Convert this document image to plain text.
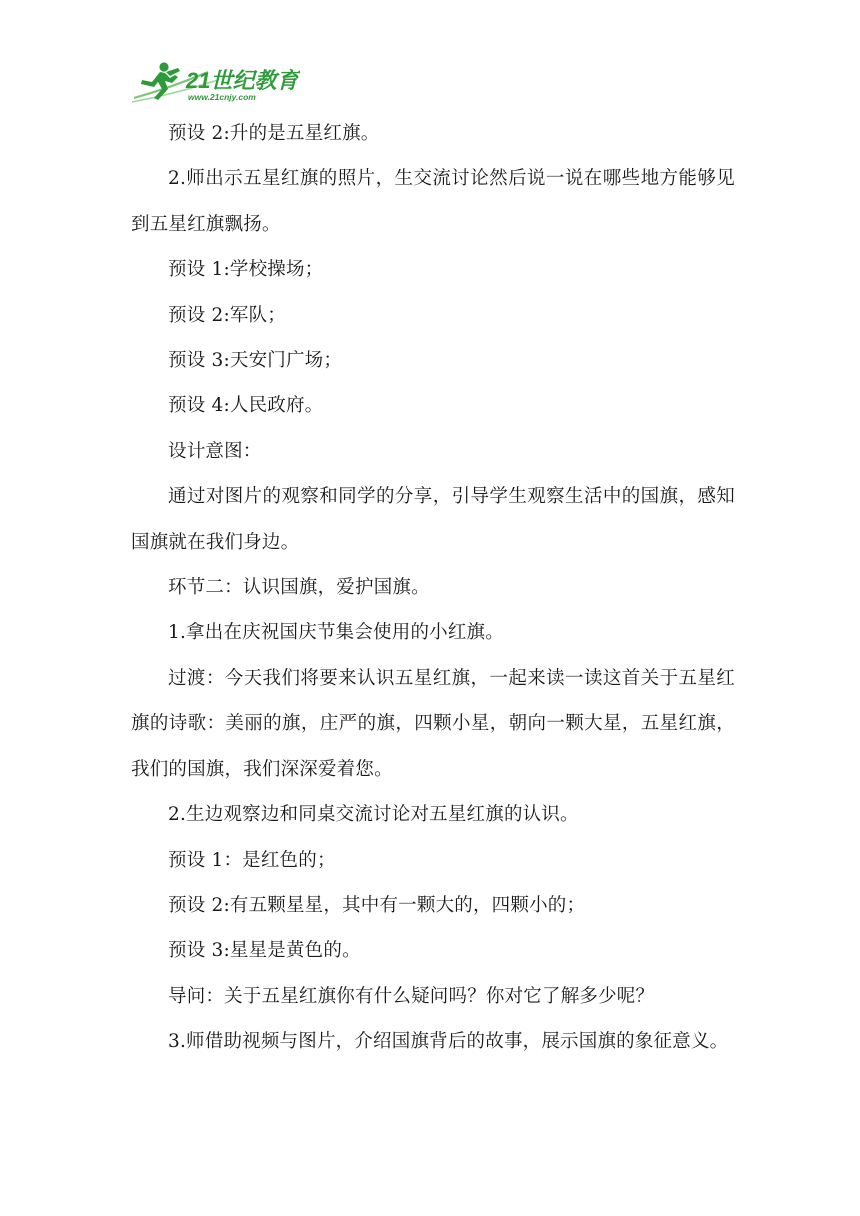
21世纪教育
www.21cnjy.com

预设 2:升的是五星红旗。

2.师出示五星红旗的照片，生交流讨论然后说一说在哪些地方能够见到五星红旗飘扬。

预设 1:学校操场；

预设 2:军队；

预设 3:天安门广场；

预设 4:人民政府。

设计意图：

通过对图片的观察和同学的分享，引导学生观察生活中的国旗，感知国旗就在我们身边。

环节二：认识国旗，爱护国旗。

1.拿出在庆祝国庆节集会使用的小红旗。

过渡：今天我们将要来认识五星红旗，一起来读一读这首关于五星红旗的诗歌：美丽的旗，庄严的旗，四颗小星，朝向一颗大星，五星红旗，我们的国旗，我们深深爱着您。

2.生边观察边和同桌交流讨论对五星红旗的认识。

预设 1：是红色的；

预设 2:有五颗星星，其中有一颗大的，四颗小的；

预设 3:星星是黄色的。

导问：关于五星红旗你有什么疑问吗？你对它了解多少呢？

3.师借助视频与图片，介绍国旗背后的故事，展示国旗的象征意义。
